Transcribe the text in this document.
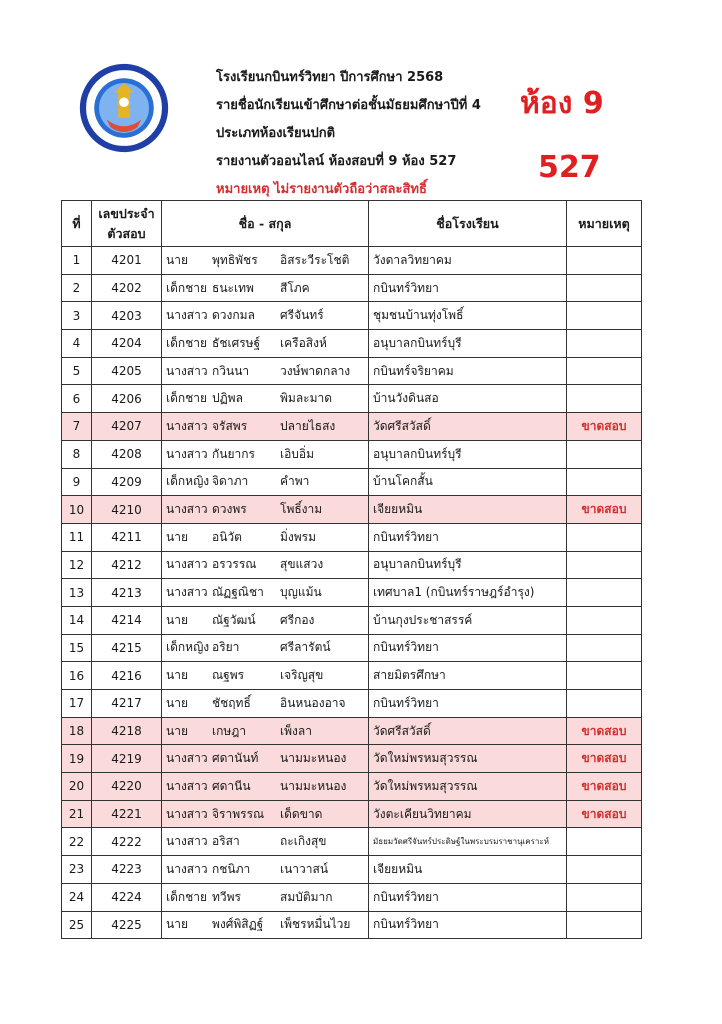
โรงเรียนกบินทร์วิทยา ปีการศึกษา 2568
รายชื่อนักเรียนเข้าศึกษาต่อชั้นมัธยมศึกษาปีที่ 4
ประเภทห้องเรียนปกติ
รายงานตัวออนไลน์ ห้องสอบที่ 9 ห้อง 527
หมายเหตุ ไม่รายงานตัวถือว่าสละสิทธิ์
ห้อง 9
527
ที่	เลขประจำตัวสอบ	ชื่อ - สกุล	ชื่อโรงเรียน	หมายเหตุ
1	4201	นาย พุทธิพัชร อิสระวีระโชติ	วังดาลวิทยาคม	
2	4202	เด็กชาย ธนะเทพ สีโภค	กบินทร์วิทยา	
3	4203	นางสาว ดวงกมล ศรีจันทร์	ชุมชนบ้านทุ่งโพธิ์	
4	4204	เด็กชาย ธัชเศรษฐ์ เครือสิงห์	อนุบาลกบินทร์บุรี	
5	4205	นางสาว กวินนา วงษ์พาดกลาง	กบินทร์จริยาคม	
6	4206	เด็กชาย ปฏิพล พิมละมาด	บ้านวังดินสอ	
7	4207	นางสาว จรัสพร ปลายไธสง	วัดศรีสวัสดิ์	ขาดสอบ
8	4208	นางสาว กันยากร เอิบอิ่ม	อนุบาลกบินทร์บุรี	
9	4209	เด็กหญิง จิดาภา คำพา	บ้านโคกสั้น	
10	4210	นางสาว ดวงพร โพธิ์งาม	เจียยหมิน	ขาดสอบ
11	4211	นาย อนิวัต มิ่งพรม	กบินทร์วิทยา	
12	4212	นางสาว อรวรรณ สุขแสวง	อนุบาลกบินทร์บุรี	
13	4213	นางสาว ณัฏฐณิชา บุญแม้น	เทศบาล1 (กบินทร์ราษฎร์อำรุง)	
14	4214	นาย ณัฐวัฒน์ ศรีกอง	บ้านกุงประชาสรรค์	
15	4215	เด็กหญิง อริยา ศรีลารัตน์	กบินทร์วิทยา	
16	4216	นาย ณฐพร เจริญสุข	สายมิตรศึกษา	
17	4217	นาย ชัชฤทธิ์ อินหนองอาจ	กบินทร์วิทยา	
18	4218	นาย เกษฎา เพ็งลา	วัดศรีสวัสดิ์	ขาดสอบ
19	4219	นางสาว ศดานันท์ นามมะหนอง	วัดใหม่พรหมสุวรรณ	ขาดสอบ
20	4220	นางสาว ศดานีน นามมะหนอง	วัดใหม่พรหมสุวรรณ	ขาดสอบ
21	4221	นางสาว จิราพรรณ เด็ดขาด	วังตะเคียนวิทยาคม	ขาดสอบ
22	4222	นางสาว อริสา ถะเกิงสุข	มัธยมวัดศรีจันทร์ประดิษฐ์ในพระบรมราชานุเคราะห์	
23	4223	นางสาว กชนิภา เนาวาสน์	เจียยหมิน	
24	4224	เด็กชาย ทวีพร สมบัติมาก	กบินทร์วิทยา	
25	4225	นาย พงศ์พิสิฏฐ์ เพ็ชรหมื่นไวย	กบินทร์วิทยา	
